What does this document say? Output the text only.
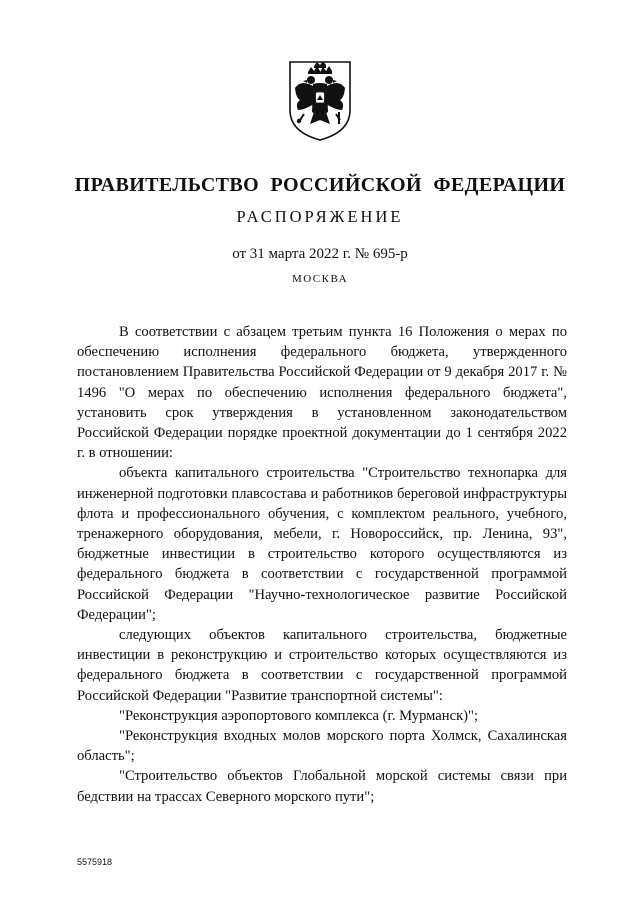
ПРАВИТЕЛЬСТВО РОССИЙСКОЙ ФЕДЕРАЦИИ
РАСПОРЯЖЕНИЕ
от 31 марта 2022 г. № 695-р
МОСКВА

В соответствии с абзацем третьим пункта 16 Положения о мерах по обеспечению исполнения федерального бюджета, утвержденного постановлением Правительства Российской Федерации от 9 декабря 2017 г. № 1496 "О мерах по обеспечению исполнения федерального бюджета", установить срок утверждения в установленном законодательством Российской Федерации порядке проектной документации до 1 сентября 2022 г. в отношении:

объекта капитального строительства "Строительство технопарка для инженерной подготовки плавсостава и работников береговой инфраструктуры флота и профессионального обучения, с комплектом реального, учебного, тренажерного оборудования, мебели, г. Новороссийск, пр. Ленина, 93", бюджетные инвестиции в строительство которого осуществляются из федерального бюджета в соответствии с государственной программой Российской Федерации "Научно-технологическое развитие Российской Федерации";

следующих объектов капитального строительства, бюджетные инвестиции в реконструкцию и строительство которых осуществляются из федерального бюджета в соответствии с государственной программой Российской Федерации "Развитие транспортной системы":

"Реконструкция аэропортового комплекса (г. Мурманск)";

"Реконструкция входных молов морского порта Холмск, Сахалинская область";

"Строительство объектов Глобальной морской системы связи при бедствии на трассах Северного морского пути";

5575918
